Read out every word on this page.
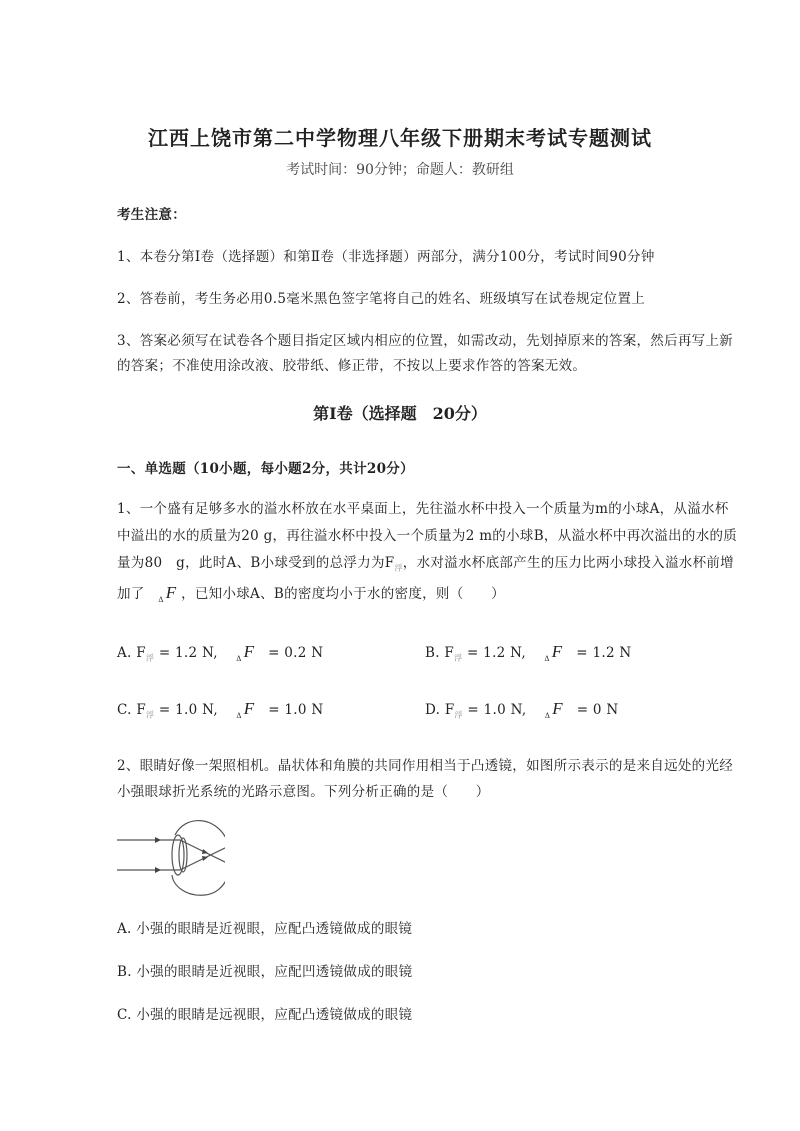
江西上饶市第二中学物理八年级下册期末考试专题测试
考试时间：90分钟；命题人：教研组
考生注意：
1、本卷分第I卷（选择题）和第Ⅱ卷（非选择题）两部分，满分100分，考试时间90分钟
2、答卷前，考生务必用0.5毫米黑色签字笔将自己的姓名、班级填写在试卷规定位置上
3、答案必须写在试卷各个题目指定区域内相应的位置，如需改动，先划掉原来的答案，然后再写上新
的答案；不准使用涂改液、胶带纸、修正带，不按以上要求作答的答案无效。
第I卷（选择题　20分）
一、单选题（10小题，每小题2分，共计20分）
1、一个盛有足够多水的溢水杯放在水平桌面上，先往溢水杯中投入一个质量为m的小球A，从溢水杯
中溢出的水的质量为20 g，再往溢水杯中投入一个质量为2 m的小球B，从溢水杯中再次溢出的水的质
量为80　g，此时A、B小球受到的总浮力为$F_浮$，水对溢水杯底部产生的压力比两小球投入溢水杯前增
加了　 $_\Delta$ F ，已知小球A、B的密度均小于水的密度，则（　　）
A. $F_浮 = 1.2$ N,　	$_\Delta$ F　 = 0.2 N	B. $F_浮 = 1.2$ N,　	$_\Delta$ F　 = 1.2 N
C. $F_浮 = 1.0$ N,　	$_\Delta$ F　 = 1.0 N	D. $F_浮 = 1.0$ N,　	$_\Delta$ F　 = 0 N
2、眼睛好像一架照相机。晶状体和角膜的共同作用相当于凸透镜，如图所示表示的是来自远处的光经
小强眼球折光系统的光路示意图。下列分析正确的是（　　）
A. 小强的眼睛是近视眼，应配凸透镜做成的眼镜
B. 小强的眼睛是近视眼，应配凹透镜做成的眼镜
C. 小强的眼睛是远视眼，应配凸透镜做成的眼镜
